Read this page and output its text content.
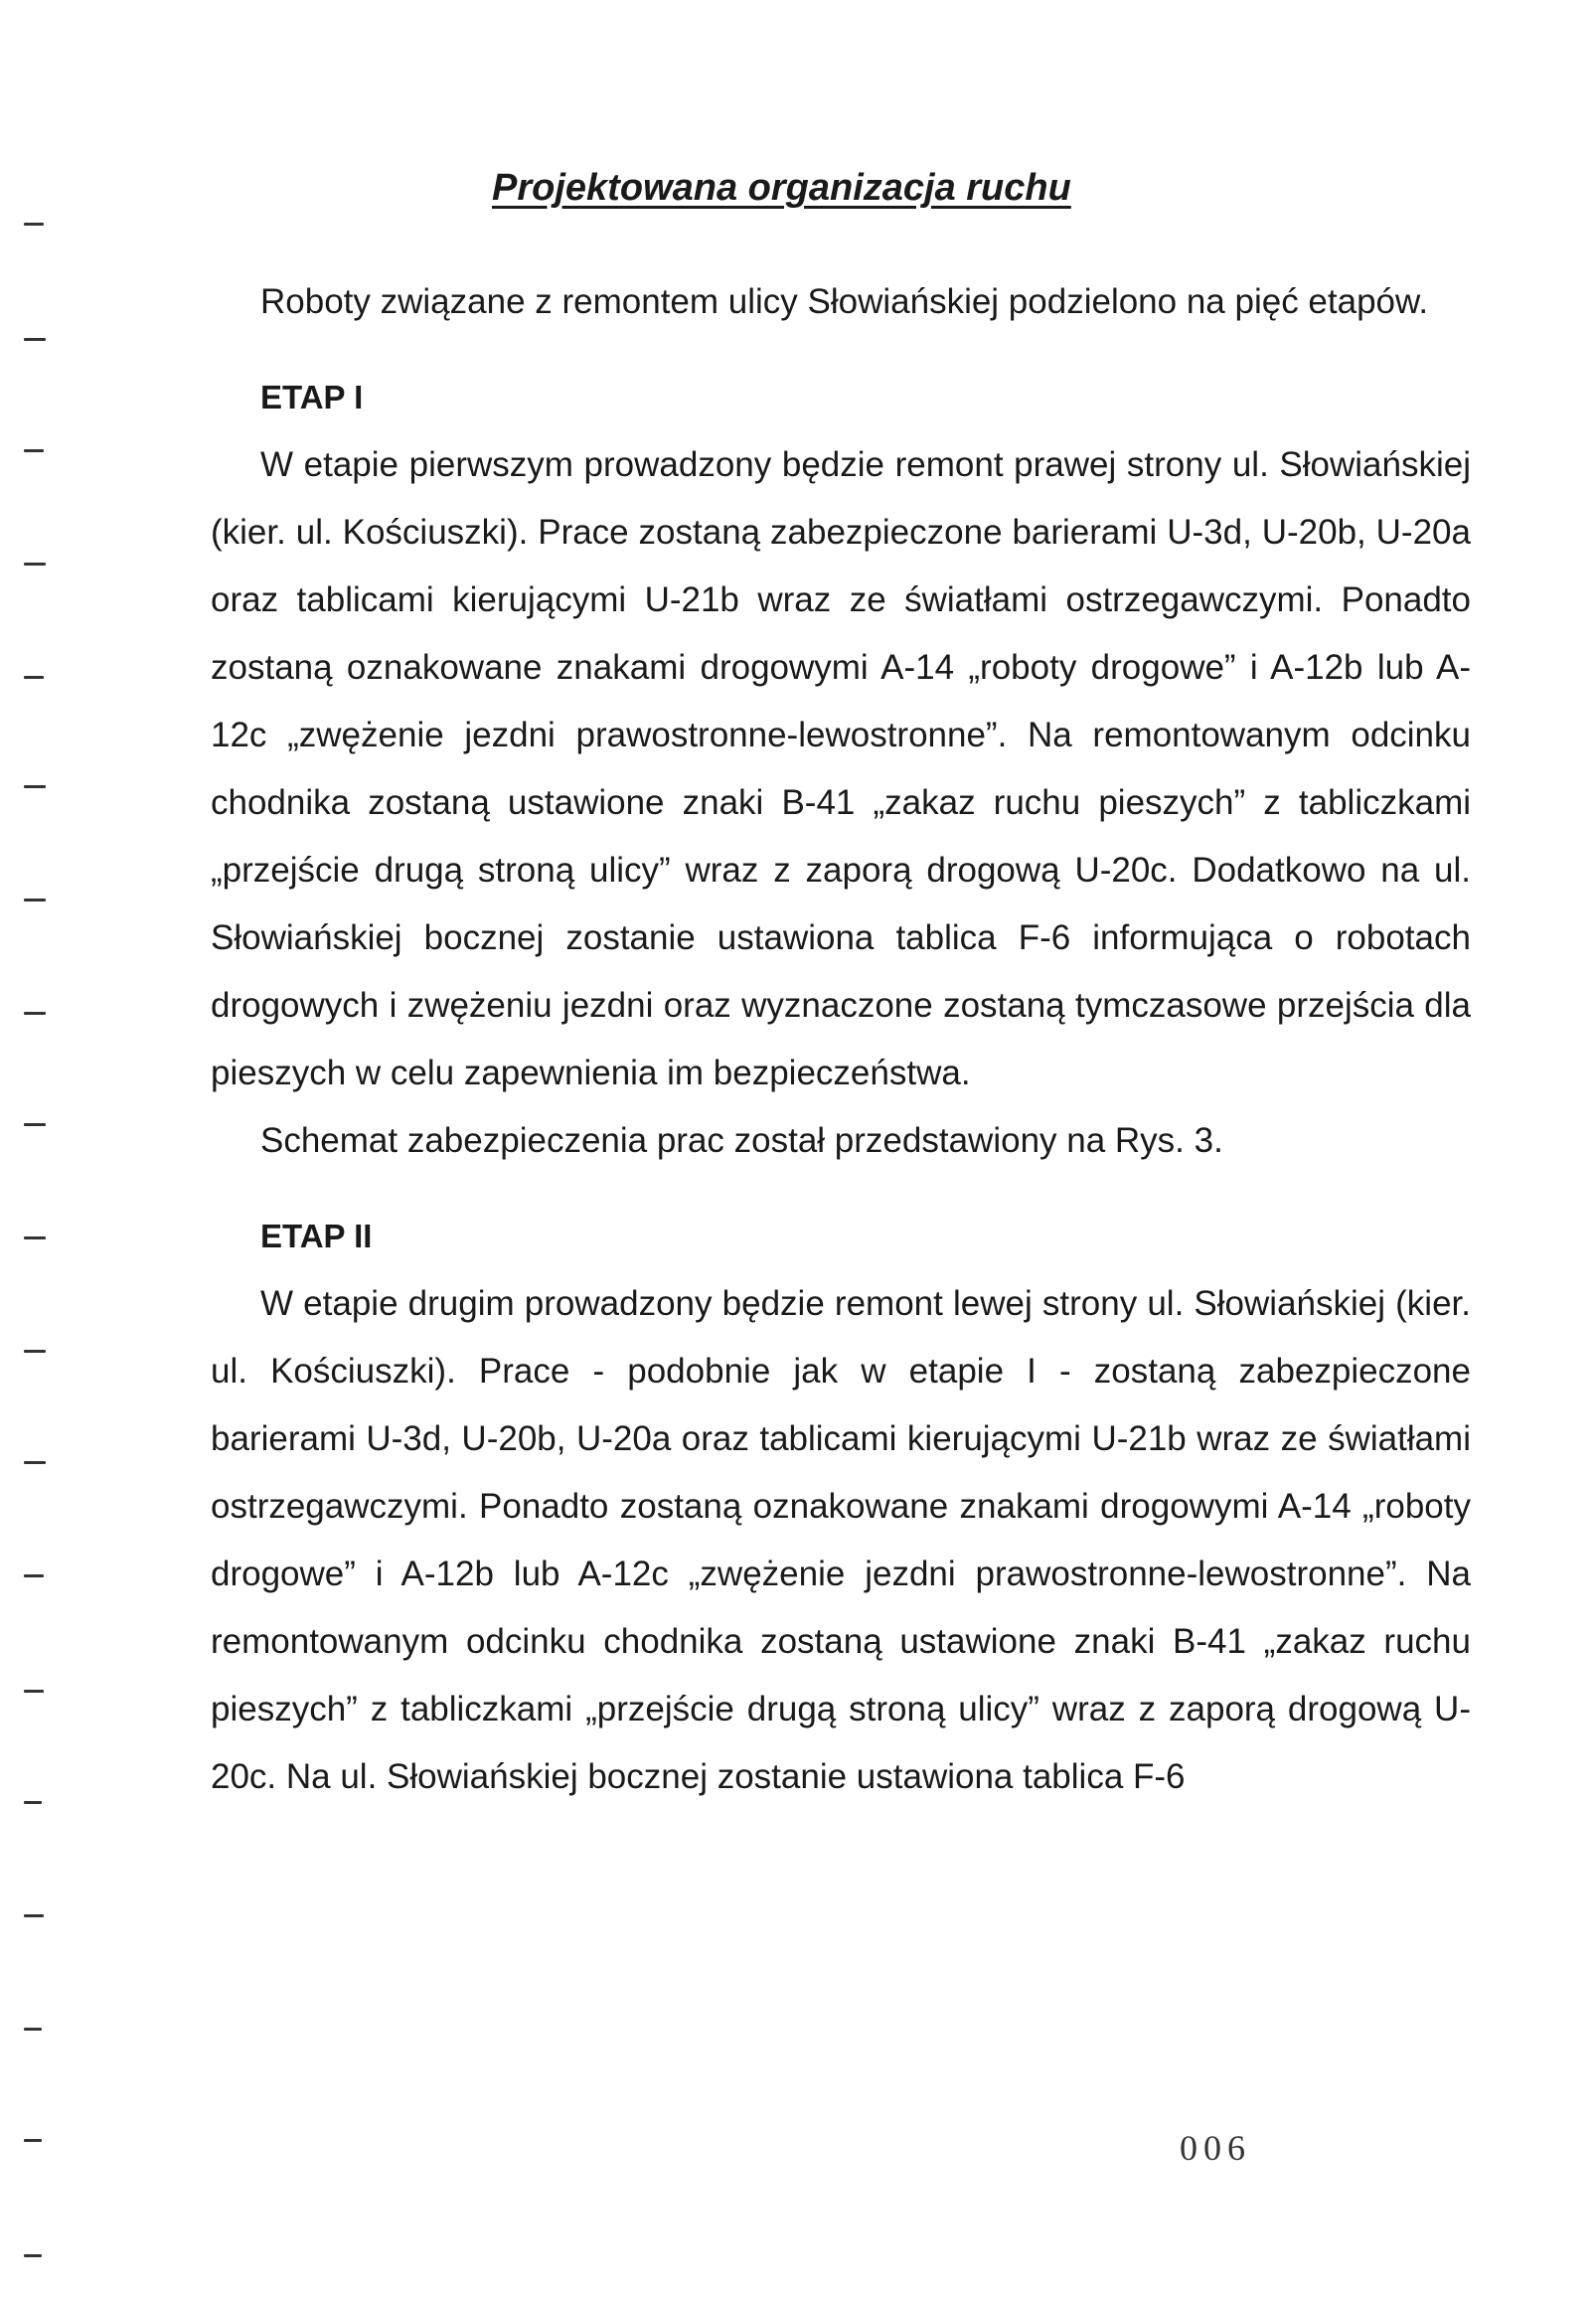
Projektowana organizacja ruchu

Roboty związane z remontem ulicy Słowiańskiej podzielono na pięć etapów.

ETAP I

W etapie pierwszym prowadzony będzie remont prawej strony ul. Słowiańskiej (kier. ul. Kościuszki). Prace zostaną zabezpieczone barierami U-3d, U-20b, U-20a oraz tablicami kierującymi U-21b wraz ze światłami ostrzegawczymi. Ponadto zostaną oznakowane znakami drogowymi A-14 „roboty drogowe” i A-12b lub A-12c „zwężenie jezdni prawostronne-lewostronne”. Na remontowanym odcinku chodnika zostaną ustawione znaki B-41 „zakaz ruchu pieszych” z tabliczkami „przejście drugą stroną ulicy” wraz z zaporą drogową U-20c. Dodatkowo na ul. Słowiańskiej bocznej zostanie ustawiona tablica F-6 informująca o robotach drogowych i zwężeniu jezdni oraz wyznaczone zostaną tymczasowe przejścia dla pieszych w celu zapewnienia im bezpieczeństwa.

Schemat zabezpieczenia prac został przedstawiony na Rys. 3.

ETAP II

W etapie drugim prowadzony będzie remont lewej strony ul. Słowiańskiej (kier. ul. Kościuszki). Prace - podobnie jak w etapie I - zostaną zabezpieczone barierami U-3d, U-20b, U-20a oraz tablicami kierującymi U-21b wraz ze światłami ostrzegawczymi. Ponadto zostaną oznakowane znakami drogowymi A-14 „roboty drogowe” i A-12b lub A-12c „zwężenie jezdni prawostronne-lewostronne”. Na remontowanym odcinku chodnika zostaną ustawione znaki B-41 „zakaz ruchu pieszych” z tabliczkami „przejście drugą stroną ulicy” wraz z zaporą drogową U-20c. Na ul. Słowiańskiej bocznej zostanie ustawiona tablica F-6

006
